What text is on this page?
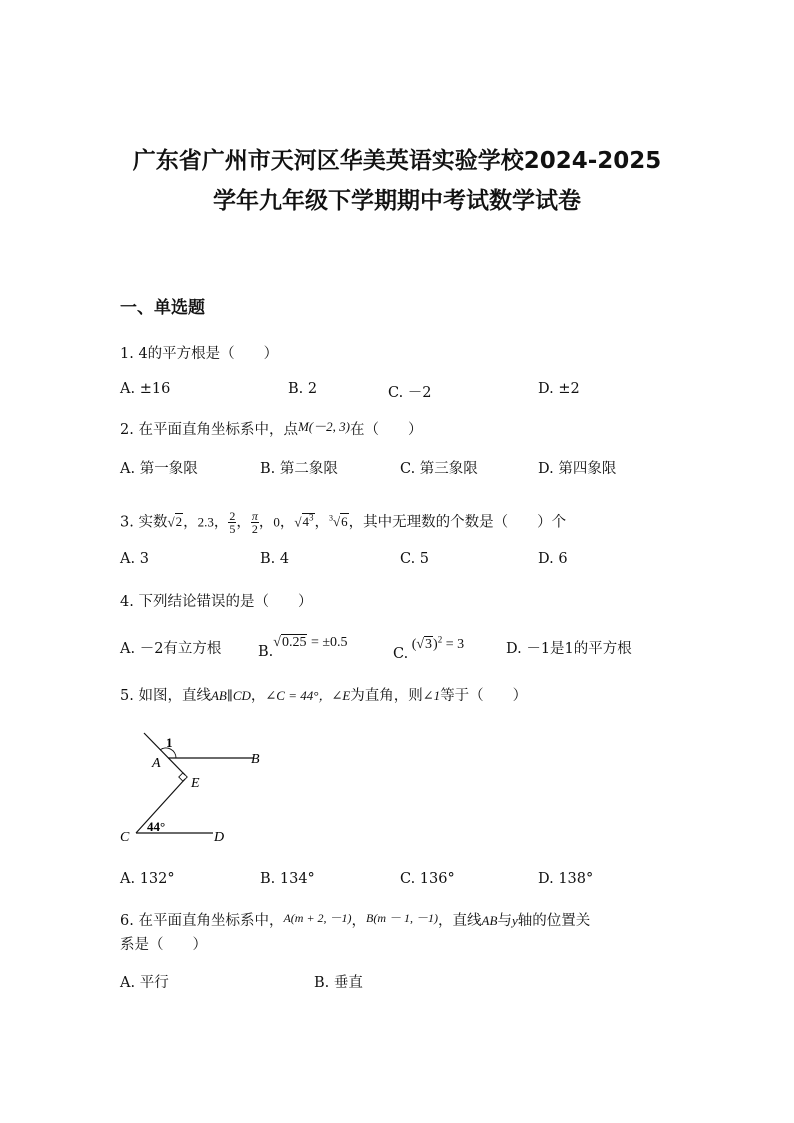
广东省广州市天河区华美英语实验学校2024-2025
学年九年级下学期期中考试数学试卷
一、单选题
1. 4的平方根是（　　）
A. ±16	B. 2	C. －2	D. ±2
2. 在平面直角坐标系中，点M(－2, 3)在（　　）
A. 第一象限	B. 第二象限	C. 第三象限	D. 第四象限
3. 实数√2，2.3， $\frac{2}{5}$ ， $\frac{\pi}{2}$ ，0，$√4^3$，$^3$√6，其中无理数的个数是（　　）个
A. 3	B. 4	C. 5	D. 6
4. 下列结论错误的是（　　）
A. －2有立方根	B.√0.25 = ±0.5
C. $(√3)^2 = 3$	D. －1是1的平方根
5. 如图，直线AB∥CD，∠C = 44°，∠E为直角，则∠1等于（　　）
1
A	B
E
C	D
44°
A. 132°	B. 134°	C. 136°	D. 138°
6. 在平面直角坐标系中，$^{A(m + 2, -1)}$，$^{B(m - 1, -1)}$，直线AB与y轴的位置关
系是（　　）
A. 平行	B. 垂直
